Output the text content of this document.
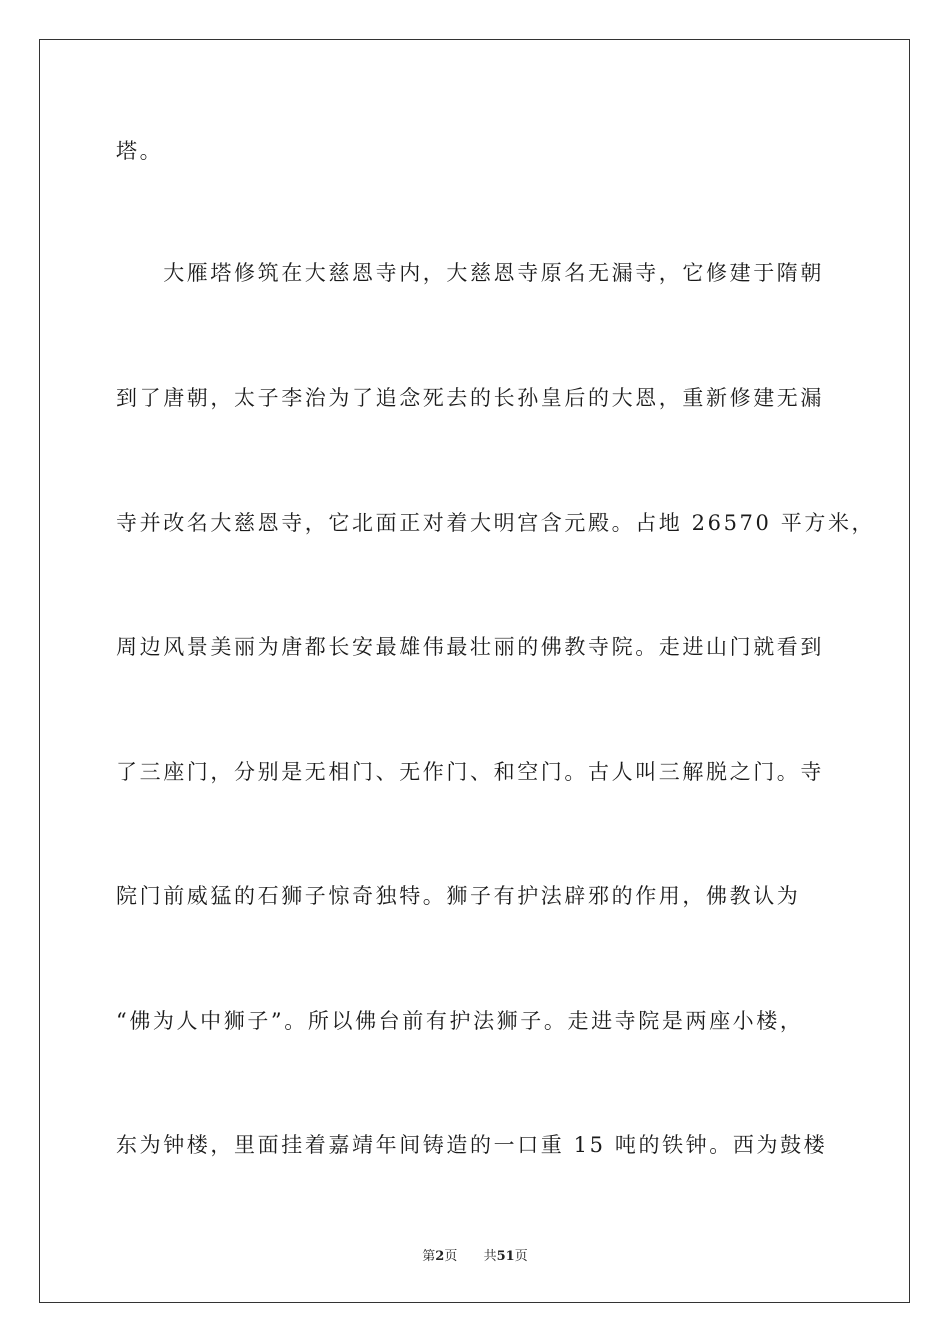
塔。
　　大雁塔修筑在大慈恩寺内，大慈恩寺原名无漏寺，它修建于隋朝
到了唐朝，太子李治为了追念死去的长孙皇后的大恩，重新修建无漏
寺并改名大慈恩寺，它北面正对着大明宫含元殿。占地 26570 平方米，
周边风景美丽为唐都长安最雄伟最壮丽的佛教寺院。走进山门就看到
了三座门，分别是无相门、无作门、和空门。古人叫三解脱之门。寺
院门前威猛的石狮子惊奇独特。狮子有护法辟邪的作用，佛教认为
“佛为人中狮子”。所以佛台前有护法狮子。走进寺院是两座小楼，
东为钟楼，里面挂着嘉靖年间铸造的一口重 15 吨的铁钟。西为鼓楼
第2页 共51页
